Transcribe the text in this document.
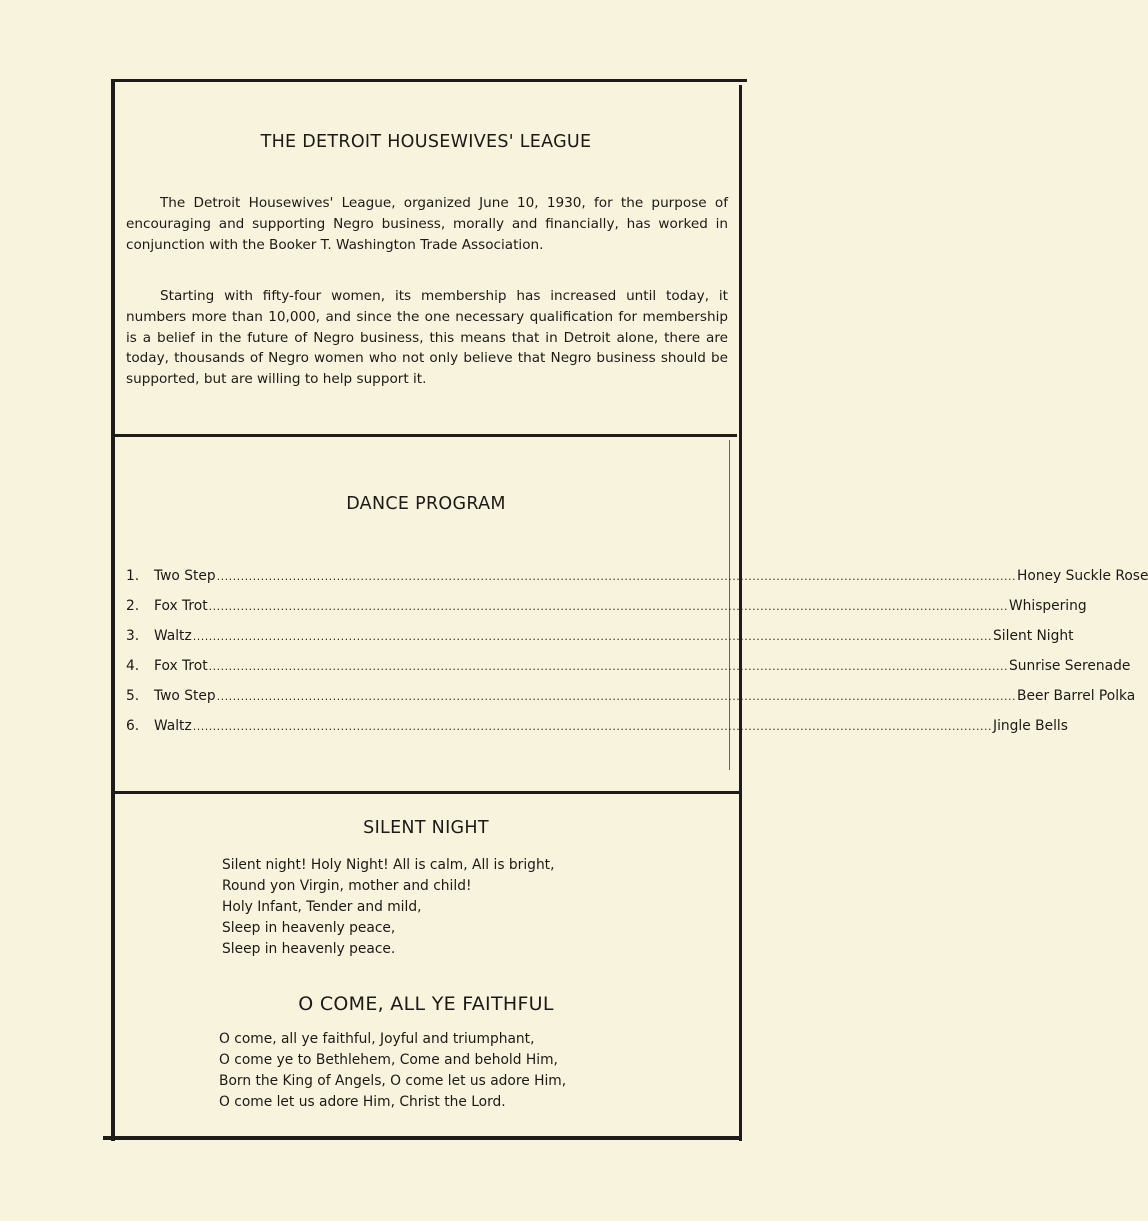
THE DETROIT HOUSEWIVES' LEAGUE

The Detroit Housewives' League, organized June 10, 1930, for the purpose of encouraging and supporting Negro business, morally and financially, has worked in conjunction with the Booker T. Washington Trade Association.

Starting with fifty-four women, its membership has increased until today, it numbers more than 10,000, and since the one necessary qualification for membership is a belief in the future of Negro business, this means that in Detroit alone, there are today, thousands of Negro women who not only believe that Negro business should be supported, but are willing to help support it.

DANCE PROGRAM
1.	Two Step ........................................................................................................................................................................................................ Honey Suckle Rose
2.	Fox Trot ........................................................................................................................................................................................................ Whispering
3.	Waltz ........................................................................................................................................................................................................ Silent Night
4.	Fox Trot ........................................................................................................................................................................................................ Sunrise Serenade
5.	Two Step ........................................................................................................................................................................................................ Beer Barrel Polka
6.	Waltz ........................................................................................................................................................................................................ Jingle Bells
SILENT NIGHT
Silent night! Holy Night! All is calm, All is bright,
Round yon Virgin, mother and child!
Holy Infant, Tender and mild,
Sleep in heavenly peace,
Sleep in heavenly peace.
O COME, ALL YE FAITHFUL
O come, all ye faithful, Joyful and triumphant,
O come ye to Bethlehem, Come and behold Him,
Born the King of Angels, O come let us adore Him,
O come let us adore Him, Christ the Lord.
